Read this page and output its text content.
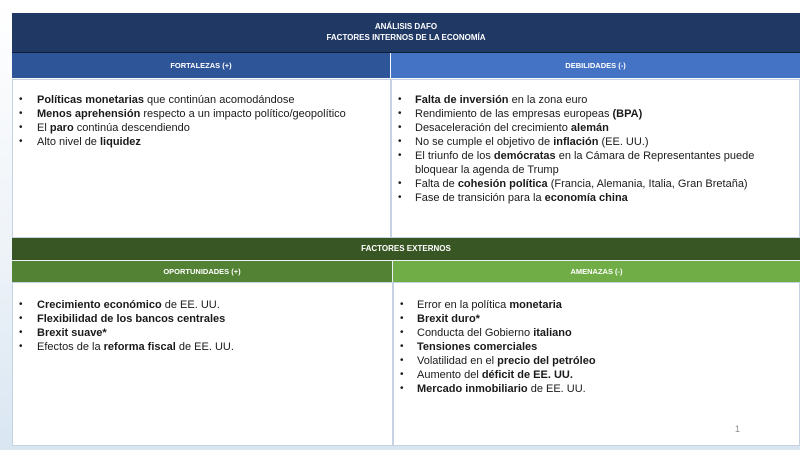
ANÁLISIS DAFO
FACTORES INTERNOS DE LA ECONOMÍA
FORTALEZAS (+)	DEBILIDADES (-)
• Políticas monetarias que continúan acomodándose
• Menos aprehensión respecto a un impacto político/geopolítico
• El paro continúa descendiendo
• Alto nivel de liquidez
• Falta de inversión en la zona euro
• Rendimiento de las empresas europeas (BPA)
• Desaceleración del crecimiento alemán
• No se cumple el objetivo de inflación (EE. UU.)
• El triunfo de los demócratas en la Cámara de Representantes puede bloquear la agenda de Trump
• Falta de cohesión política (Francia, Alemania, Italia, Gran Bretaña)
• Fase de transición para la economía china
FACTORES EXTERNOS
OPORTUNIDADES (+)	AMENAZAS (-)
• Crecimiento económico de EE. UU.
• Flexibilidad de los bancos centrales
• Brexit suave*
• Efectos de la reforma fiscal de EE. UU.
• Error en la política monetaria
• Brexit duro*
• Conducta del Gobierno italiano
• Tensiones comerciales
• Volatilidad en el precio del petróleo
• Aumento del déficit de EE. UU.
• Mercado inmobiliario de EE. UU.
1
